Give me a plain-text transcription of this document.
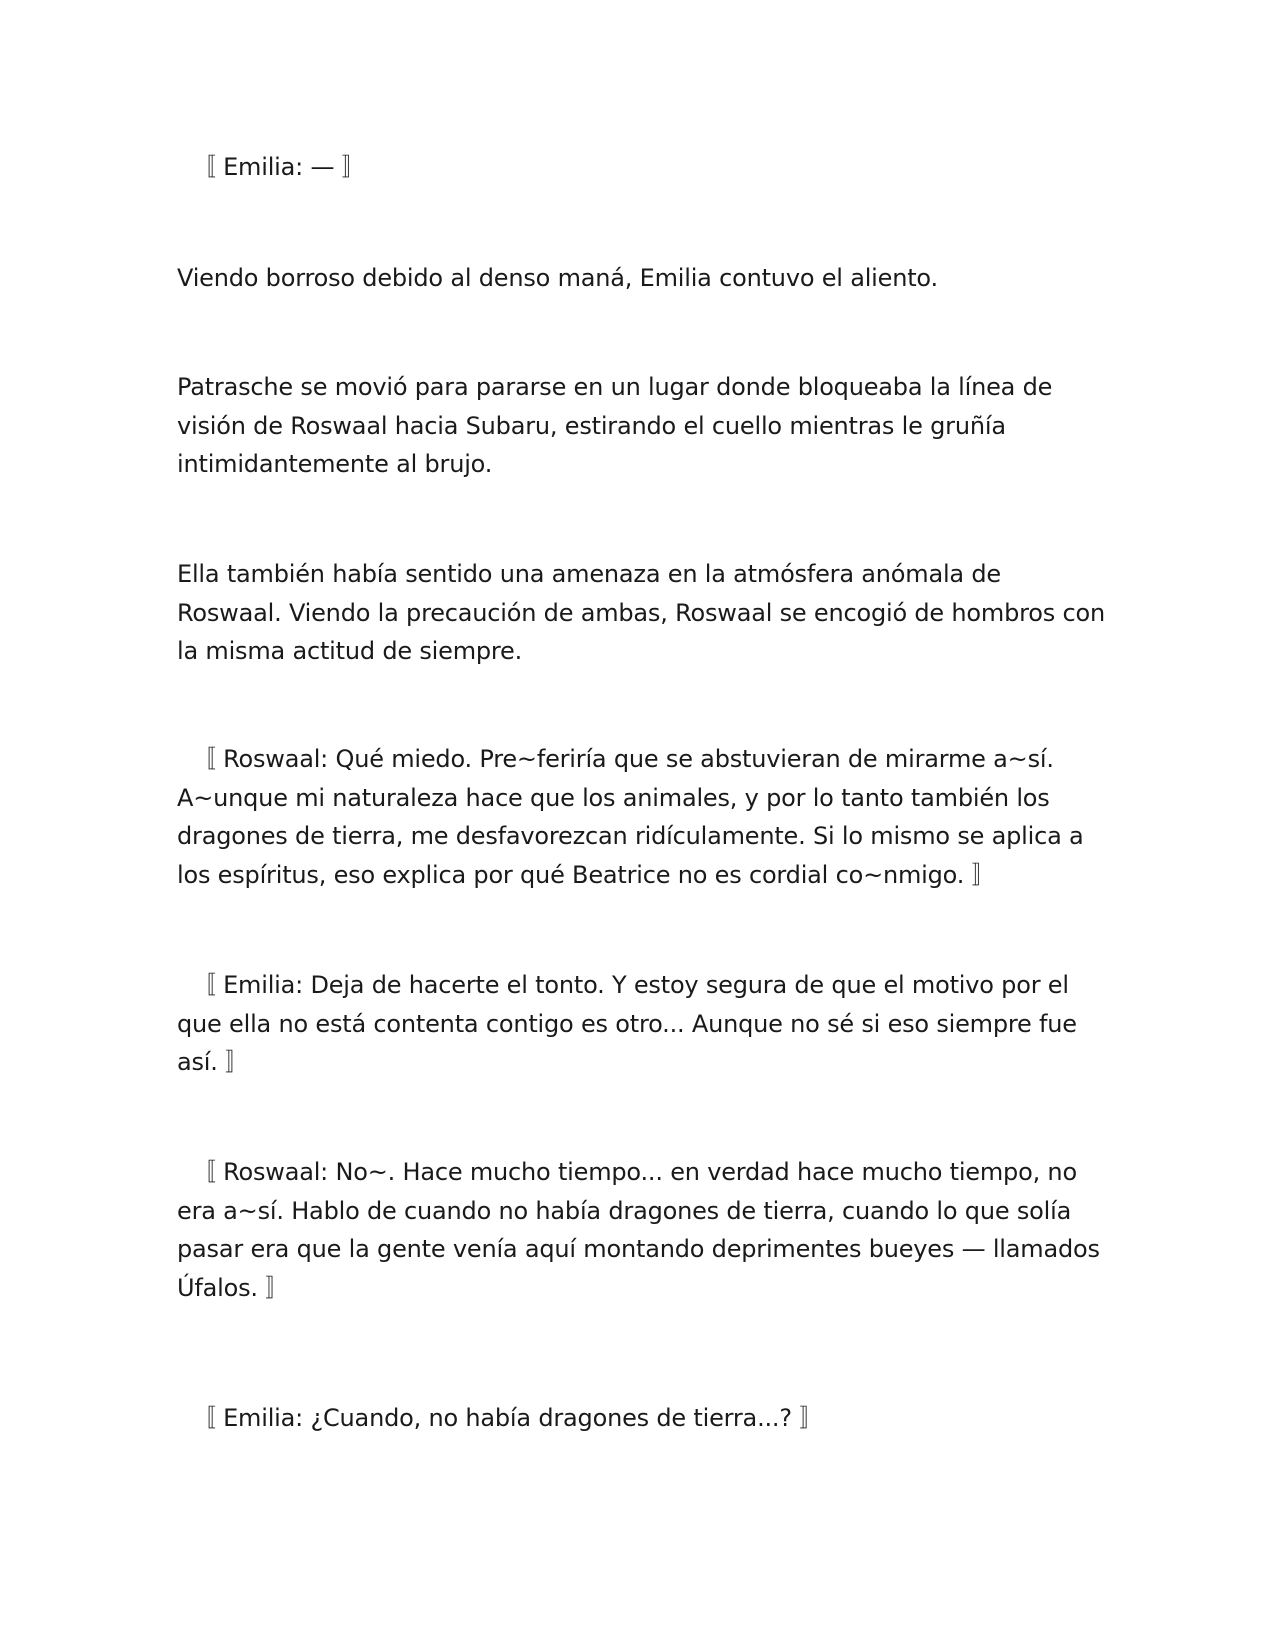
〚 Emilia: — 〛

Viendo borroso debido al denso maná, Emilia contuvo el aliento.

Patrasche se movió para pararse en un lugar donde bloqueaba la línea de visión de Roswaal hacia Subaru, estirando el cuello mientras le gruñía intimidantemente al brujo.

Ella también había sentido una amenaza en la atmósfera anómala de Roswaal. Viendo la precaución de ambas, Roswaal se encogió de hombros con la misma actitud de siempre.

〚 Roswaal: Qué miedo. Pre~feriría que se abstuvieran de mirarme a~sí. A~unque mi naturaleza hace que los animales, y por lo tanto también los dragones de tierra, me desfavorezcan ridículamente. Si lo mismo se aplica a los espíritus, eso explica por qué Beatrice no es cordial co~nmigo. 〛

〚 Emilia: Deja de hacerte el tonto. Y estoy segura de que el motivo por el que ella no está contenta contigo es otro... Aunque no sé si eso siempre fue así. 〛

〚 Roswaal: No~. Hace mucho tiempo... en verdad hace mucho tiempo, no era a~sí. Hablo de cuando no había dragones de tierra, cuando lo que solía pasar era que la gente venía aquí montando deprimentes bueyes — llamados Úfalos. 〛

〚 Emilia: ¿Cuando, no había dragones de tierra...? 〛
